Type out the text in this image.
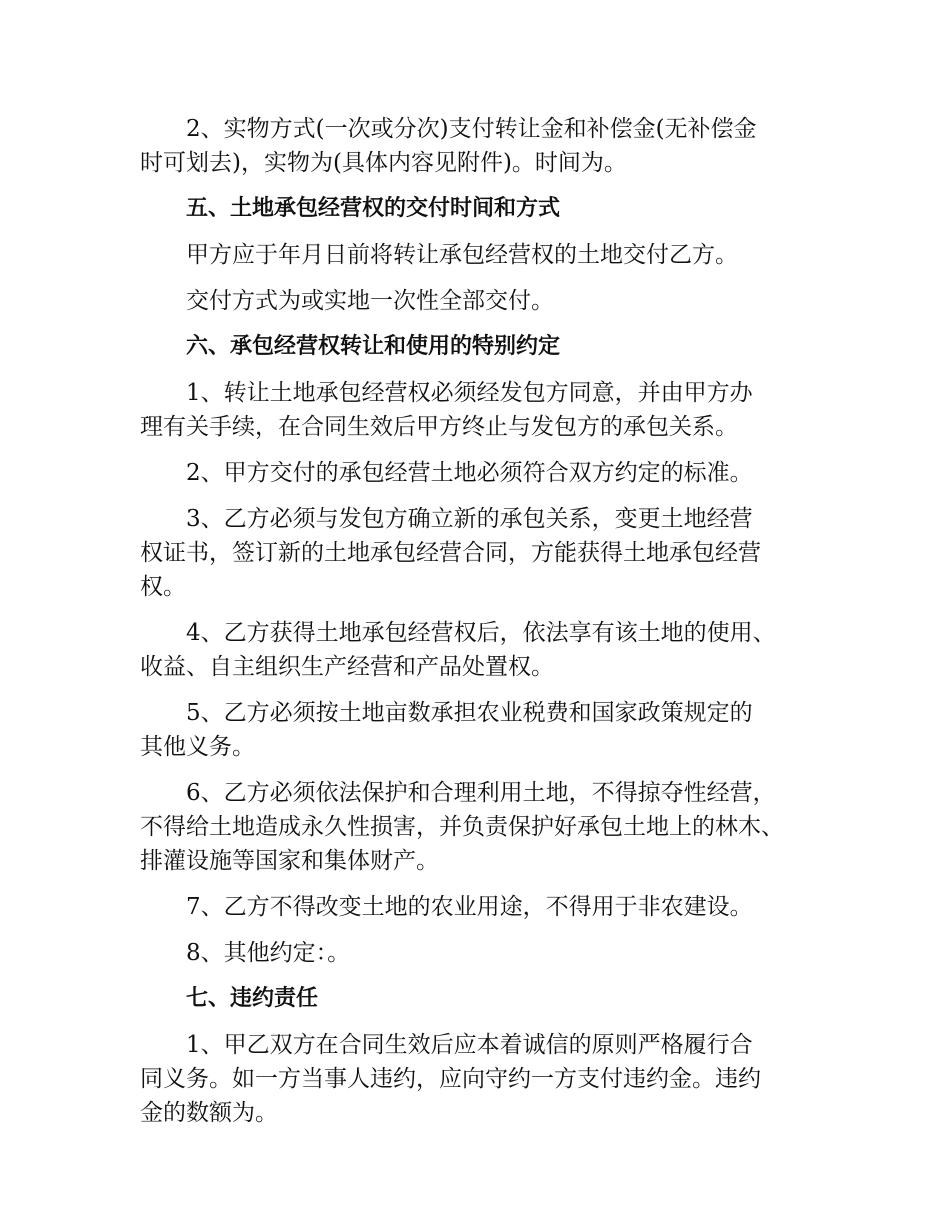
2、实物方式(一次或分次)支付转让金和补偿金(无补偿金
时可划去)，实物为(具体内容见附件)。时间为。

五、土地承包经营权的交付时间和方式

甲方应于年月日前将转让承包经营权的土地交付乙方。

交付方式为或实地一次性全部交付。

六、承包经营权转让和使用的特别约定

1、转让土地承包经营权必须经发包方同意，并由甲方办
理有关手续，在合同生效后甲方终止与发包方的承包关系。

2、甲方交付的承包经营土地必须符合双方约定的标准。

3、乙方必须与发包方确立新的承包关系，变更土地经营
权证书，签订新的土地承包经营合同，方能获得土地承包经营
权。

4、乙方获得土地承包经营权后，依法享有该土地的使用、
收益、自主组织生产经营和产品处置权。

5、乙方必须按土地亩数承担农业税费和国家政策规定的
其他义务。

6、乙方必须依法保护和合理利用土地，不得掠夺性经营，
不得给土地造成永久性损害，并负责保护好承包土地上的林木、
排灌设施等国家和集体财产。

7、乙方不得改变土地的农业用途，不得用于非农建设。

8、其他约定：。

七、违约责任

1、甲乙双方在合同生效后应本着诚信的原则严格履行合
同义务。如一方当事人违约，应向守约一方支付违约金。违约
金的数额为。
